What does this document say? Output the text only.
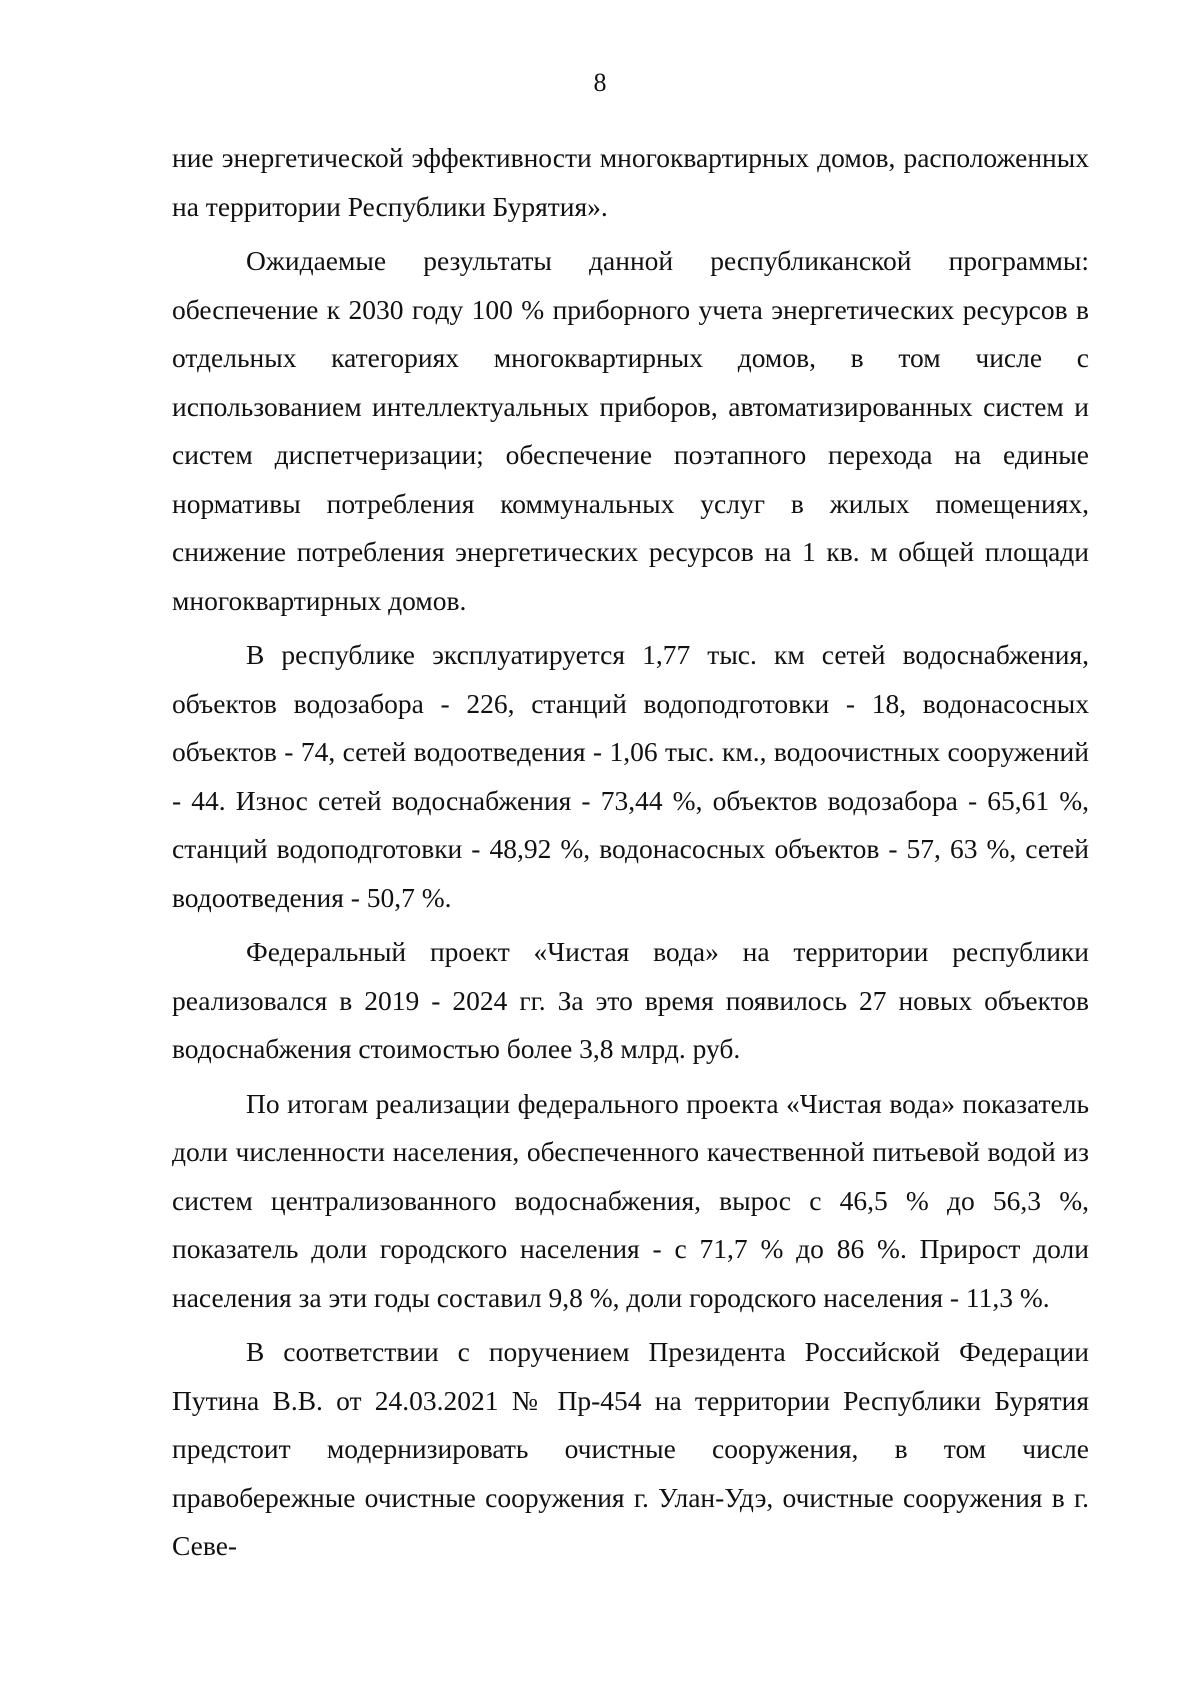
8

ние энергетической эффективности многоквартирных домов, расположенных на территории Республики Бурятия».

Ожидаемые результаты данной республиканской программы: обеспечение к 2030 году 100 % приборного учета энергетических ресурсов в отдельных категориях многоквартирных домов, в том числе с использованием интеллектуальных приборов, автоматизированных систем и систем диспетчеризации; обеспечение поэтапного перехода на единые нормативы потребления коммунальных услуг в жилых помещениях, снижение потребления энергетических ресурсов на 1 кв. м общей площади многоквартирных домов.

В республике эксплуатируется 1,77 тыс. км сетей водоснабжения, объектов водозабора - 226, станций водоподготовки - 18, водонасосных объектов - 74, сетей водоотведения - 1,06 тыс. км., водоочистных сооружений - 44. Износ сетей водоснабжения - 73,44 %, объектов водозабора - 65,61 %, станций водоподготовки - 48,92 %, водонасосных объектов - 57, 63 %, сетей водоотведения - 50,7 %.

Федеральный проект «Чистая вода» на территории республики реализовался в 2019 - 2024 гг. За это время появилось 27 новых объектов водоснабжения стоимостью более 3,8 млрд. руб.

По итогам реализации федерального проекта «Чистая вода» показатель доли численности населения, обеспеченного качественной питьевой водой из систем централизованного водоснабжения, вырос с 46,5 % до 56,3 %, показатель доли городского населения - с 71,7 % до 86 %. Прирост доли населения за эти годы составил 9,8 %, доли городского населения - 11,3 %.

В соответствии с поручением Президента Российской Федерации Путина В.В. от 24.03.2021 № Пр-454 на территории Республики Бурятия предстоит модернизировать очистные сооружения, в том числе правобережные очистные сооружения г. Улан-Удэ, очистные сооружения в г. Севе-
